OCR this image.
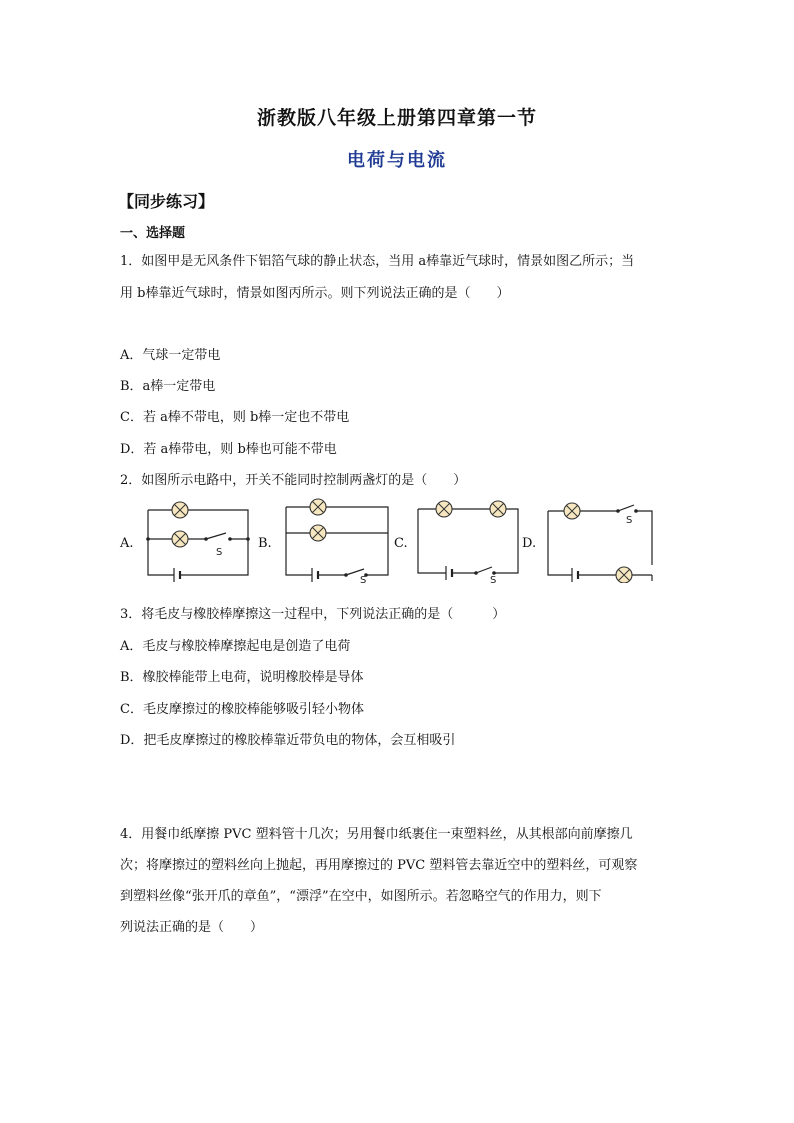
浙教版八年级上册第四章第一节
电荷与电流
【同步练习】
一、选择题
1．如图甲是无风条件下铝箔气球的静止状态，当用 a棒靠近气球时，情景如图乙所示；当
用 b棒靠近气球时，情景如图丙所示。则下列说法正确的是（　　）
A．气球一定带电
B．a棒一定带电
C．若 a棒不带电，则 b棒一定也不带电
D．若 a棒带电，则 b棒也可能不带电
2．如图所示电路中，开关不能同时控制两盏灯的是（　　）
A.	B.	C.	D.
S
S	S
S
3．将毛皮与橡胶棒摩擦这一过程中，下列说法正确的是（　　　）
A．毛皮与橡胶棒摩擦起电是创造了电荷
B．橡胶棒能带上电荷，说明橡胶棒是导体
C．毛皮摩擦过的橡胶棒能够吸引轻小物体
D．把毛皮摩擦过的橡胶棒靠近带负电的物体，会互相吸引
4．用餐巾纸摩擦 PVC 塑料管十几次；另用餐巾纸裹住一束塑料丝，从其根部向前摩擦几
次；将摩擦过的塑料丝向上抛起，再用摩擦过的 PVC 塑料管去靠近空中的塑料丝，可观察
到塑料丝像“张开爪的章鱼”，“漂浮”在空中，如图所示。若忽略空气的作用力，则下
列说法正确的是（　　）
